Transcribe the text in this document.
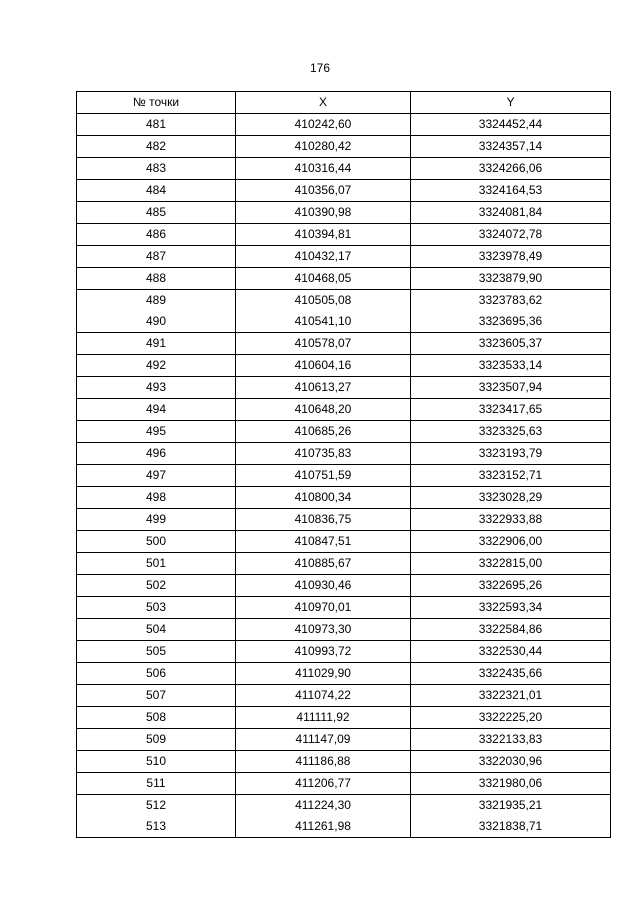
176
№ точки	X	Y
481	410242,60	3324452,44
482	410280,42	3324357,14
483	410316,44	3324266,06
484	410356,07	3324164,53
485	410390,98	3324081,84
486	410394,81	3324072,78
487	410432,17	3323978,49
488	410468,05	3323879,90
489	410505,08	3323783,62
490	410541,10	3323695,36
491	410578,07	3323605,37
492	410604,16	3323533,14
493	410613,27	3323507,94
494	410648,20	3323417,65
495	410685,26	3323325,63
496	410735,83	3323193,79
497	410751,59	3323152,71
498	410800,34	3323028,29
499	410836,75	3322933,88
500	410847,51	3322906,00
501	410885,67	3322815,00
502	410930,46	3322695,26
503	410970,01	3322593,34
504	410973,30	3322584,86
505	410993,72	3322530,44
506	411029,90	3322435,66
507	411074,22	3322321,01
508	411111,92	3322225,20
509	411147,09	3322133,83
510	411186,88	3322030,96
511	411206,77	3321980,06
512	411224,30	3321935,21
513	411261,98	3321838,71
